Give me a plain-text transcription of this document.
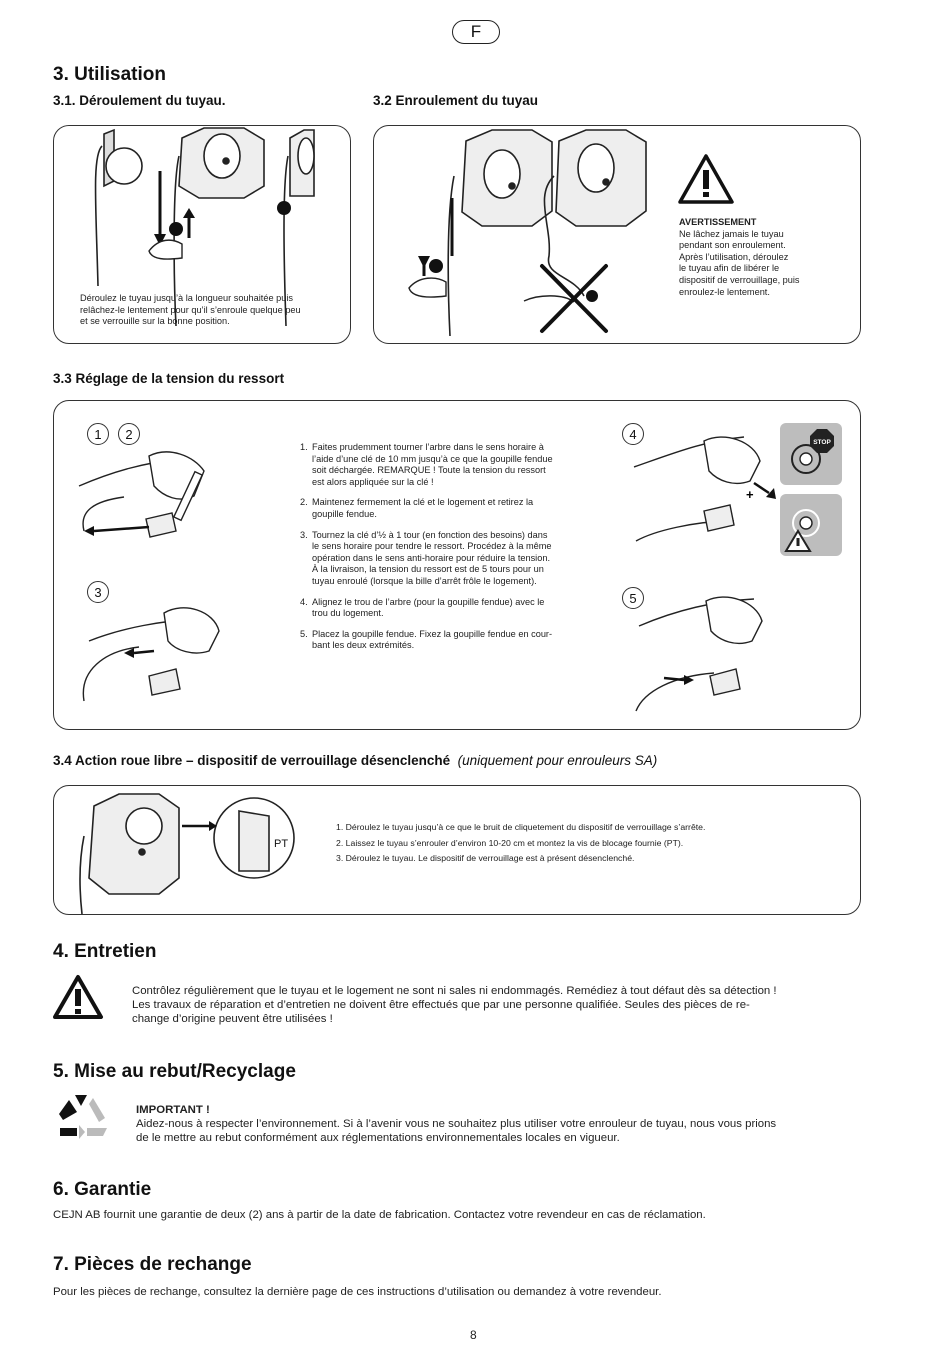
F
3. Utilisation
3.1. Déroulement du tuyau.	3.2 Enroulement du tuyau
Déroulez le tuyau jusqu’à la longueur souhaitée puis
relâchez-le lentement pour qu’il s’enroule quelque peu
et se verrouille sur la bonne position.
AVERTISSEMENT
Ne lâchez jamais le tuyau
pendant son enroulement.
Après l’utilisation, déroulez
le tuyau afin de libérer le
dispositif de verrouillage, puis
enroulez-le lentement.
3.3 Réglage de la tension du ressort
1	2
3
4
5
+
STOP

1. Faites prudemment tourner l’arbre dans le sens horaire à
l’aide d’une clé de 10 mm jusqu’à ce que la goupille fendue
soit déchargée. REMARQUE ! Toute la tension du ressort
est alors appliquée sur la clé !

2. Maintenez fermement la clé et le logement et retirez la
goupille fendue.

3. Tournez la clé d’½ à 1 tour (en fonction des besoins) dans
le sens horaire pour tendre le ressort. Procédez à la même
opération dans le sens anti-horaire pour réduire la tension.
À la livraison, la tension du ressort est de 5 tours pour un
tuyau enroulé (lorsque la bille d’arrêt frôle le logement).

4. Alignez le trou de l’arbre (pour la goupille fendue) avec le
trou du logement.

5. Placez la goupille fendue. Fixez la goupille fendue en cour-
bant les deux extrémités.

3.4 Action roue libre – dispositif de verrouillage désenclenché (uniquement pour enrouleurs SA)
PT

1. Déroulez le tuyau jusqu’à ce que le bruit de cliquetement du dispositif de verrouillage s’arrête.

2. Laissez le tuyau s’enrouler d’environ 10-20 cm et montez la vis de blocage fournie (PT).

3. Déroulez le tuyau. Le dispositif de verrouillage est à présent désenclenché.

4. Entretien
Contrôlez régulièrement que le tuyau et le logement ne sont ni sales ni endommagés. Remédiez à tout défaut dès sa détection !
Les travaux de réparation et d’entretien ne doivent être effectués que par une personne qualifiée. Seules des pièces de re-
change d’origine peuvent être utilisées !
5. Mise au rebut/Recyclage
IMPORTANT !
Aidez-nous à respecter l’environnement. Si à l’avenir vous ne souhaitez plus utiliser votre enrouleur de tuyau, nous vous prions
de le mettre au rebut conformément aux réglementations environnementales locales en vigueur.
6. Garantie
CEJN AB fournit une garantie de deux (2) ans à partir de la date de fabrication. Contactez votre revendeur en cas de réclamation.
7. Pièces de rechange
Pour les pièces de rechange, consultez la dernière page de ces instructions d’utilisation ou demandez à votre revendeur.
8
